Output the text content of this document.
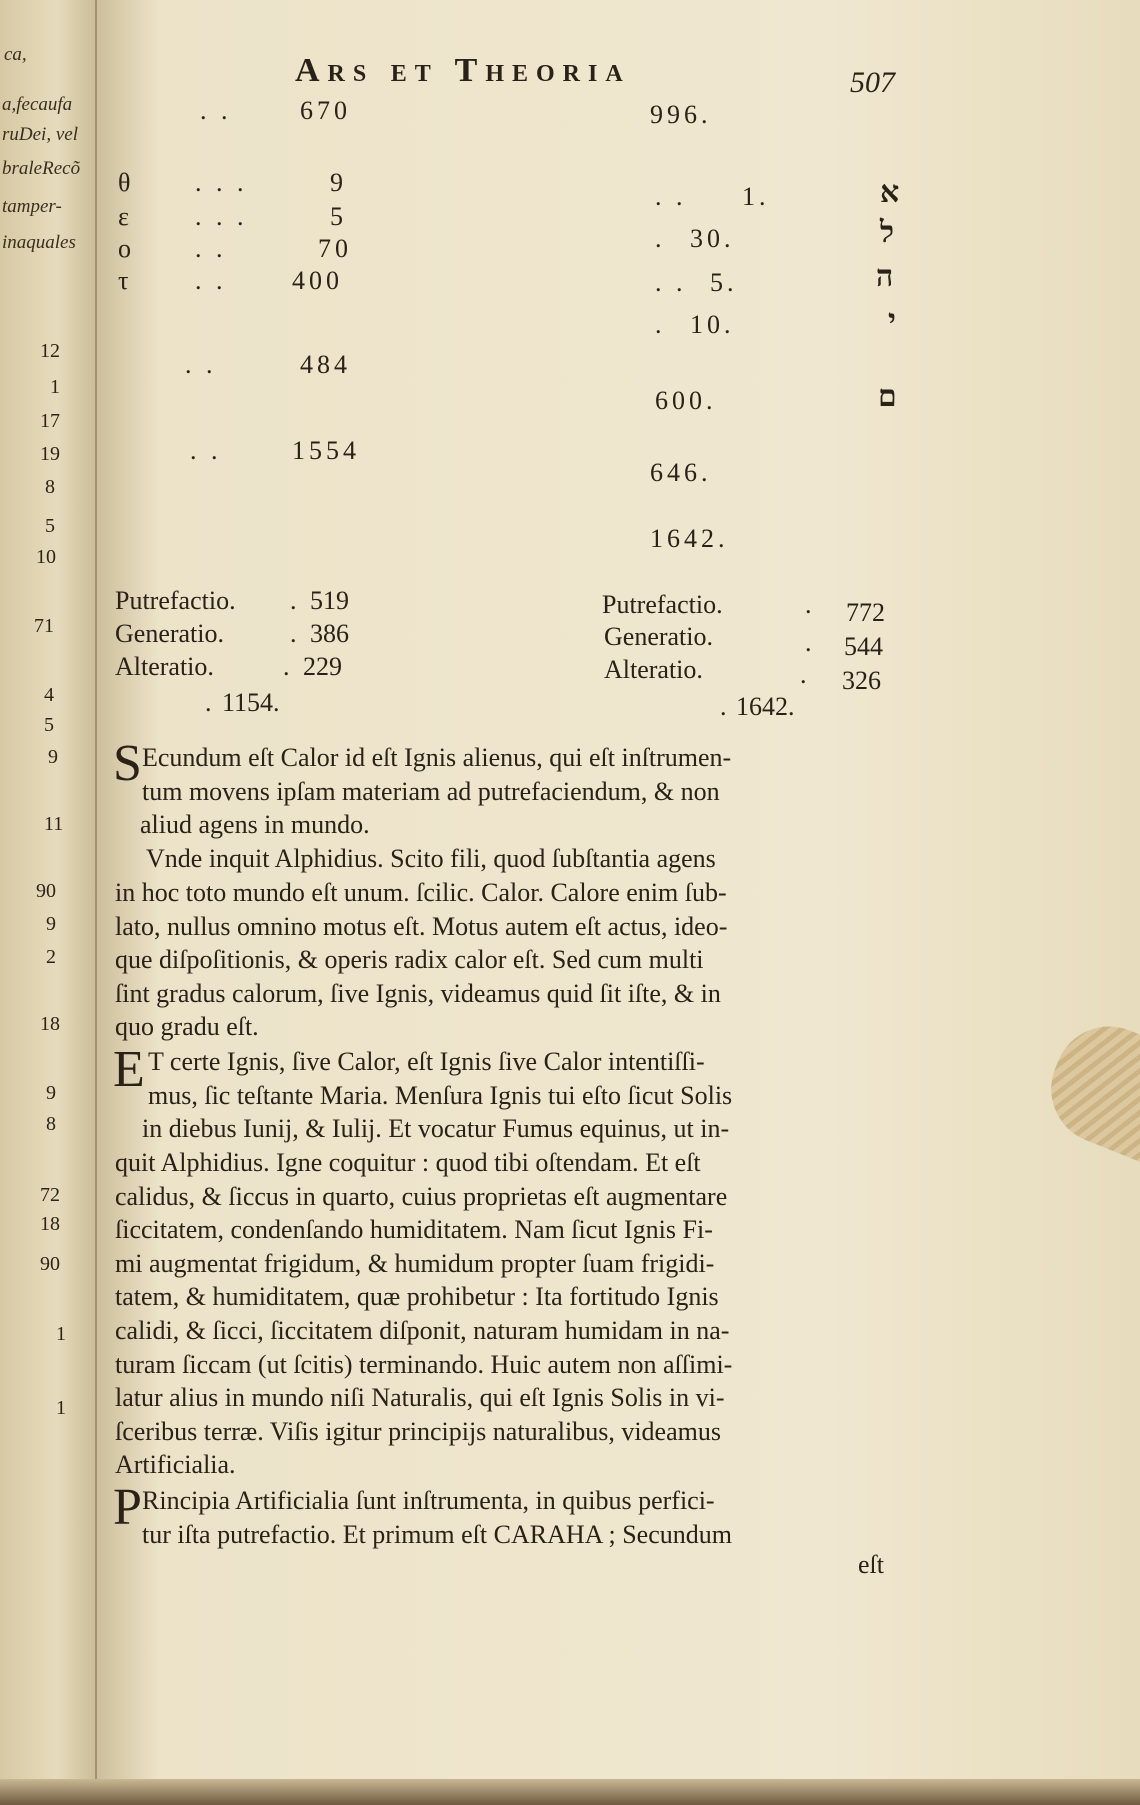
ca,
a,fecaufa
ruDei, vel
braleRecõ
tamper-
inaquales
12
1
17
19
8
5
10
71
4
5
9
11
90
9
2
18
9
8
72
18
90
1
1
Ars et Theoria	507
. .	670
θ . . .	9
ε	. . .	5
ο . .	70
τ	. .	400
. .	484
. .	1554
Putrefactio. . 519
Generatio.	. 386
Alteratio.	. 229
. 1154.
996.
. . 1.	א
. 30.	ל
. . 5.	ה
. 10.	י
600.	ם
646.
1642.
Putrefactio.	. 772
Generatio.	. 544
Alteratio.	. 326
. 1642.
S Ecundum eſt Calor id eſt Ignis alienus, qui eſt inſtrumen-
tum movens ipſam materiam ad putrefaciendum, & non
aliud agens in mundo.
Vnde inquit Alphidius. Scito fili, quod ſubſtantia agens
in hoc toto mundo eſt unum. ſcilic. Calor. Calore enim ſub-
lato, nullus omnino motus eſt. Motus autem eſt actus, ideo-
que diſpoſitionis, & operis radix calor eſt. Sed cum multi
ſint gradus calorum, ſive Ignis, videamus quid ſit iſte, & in
quo gradu eſt.
E T certe Ignis, ſive Calor, eſt Ignis ſive Calor intentiſſi-
mus, ſic teſtante Maria. Menſura Ignis tui eſto ſicut Solis
in diebus Iunij, & Iulij. Et vocatur Fumus equinus, ut in-
quit Alphidius. Igne coquitur : quod tibi oſtendam. Et eſt
calidus, & ſiccus in quarto, cuius proprietas eſt augmentare
ſiccitatem, condenſando humiditatem. Nam ſicut Ignis Fi-
mi augmentat frigidum, & humidum propter ſuam frigidi-
tatem, & humiditatem, quæ prohibetur : Ita fortitudo Ignis
calidi, & ſicci, ſiccitatem diſponit, naturam humidam in na-
turam ſiccam (ut ſcitis) terminando. Huic autem non aſſimi-
latur alius in mundo niſi Naturalis, qui eſt Ignis Solis in vi-
ſceribus terræ. Viſis igitur principijs naturalibus, videamus
Artificialia.
P Rincipia Artificialia ſunt inſtrumenta, in quibus perfici-
tur iſta putrefactio. Et primum eſt CARAHA ; Secundum
eſt
